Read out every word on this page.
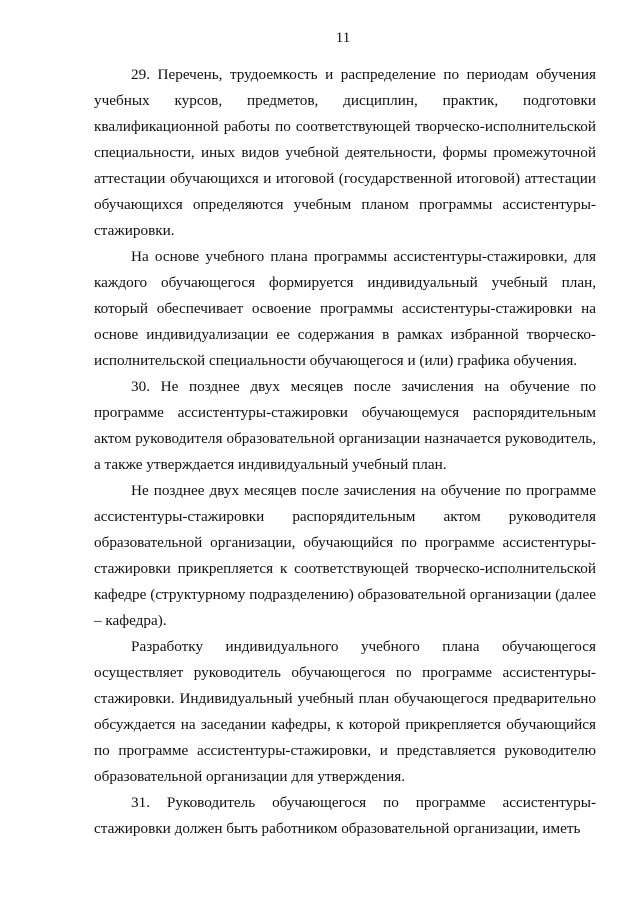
11

29. Перечень, трудоемкость и распределение по периодам обучения учебных курсов, предметов, дисциплин, практик, подготовки квалификационной работы по соответствующей творческо-исполнительской специальности, иных видов учебной деятельности, формы промежуточной аттестации обучающихся и итоговой (государственной итоговой) аттестации обучающихся определяются учебным планом программы ассистентуры-стажировки.

На основе учебного плана программы ассистентуры-стажировки, для каждого обучающегося формируется индивидуальный учебный план, который обеспечивает освоение программы ассистентуры-стажировки на основе индивидуализации ее содержания в рамках избранной творческо-исполнительской специальности обучающегося и (или) графика обучения.

30. Не позднее двух месяцев после зачисления на обучение по программе ассистентуры-стажировки обучающемуся распорядительным актом руководителя образовательной организации назначается руководитель, а также утверждается индивидуальный учебный план.

Не позднее двух месяцев после зачисления на обучение по программе ассистентуры-стажировки распорядительным актом руководителя образовательной организации, обучающийся по программе ассистентуры-стажировки прикрепляется к соответствующей творческо-исполнительской кафедре (структурному подразделению) образовательной организации (далее – кафедра).

Разработку индивидуального учебного плана обучающегося осуществляет руководитель обучающегося по программе ассистентуры-стажировки. Индивидуальный учебный план обучающегося предварительно обсуждается на заседании кафедры, к которой прикрепляется обучающийся по программе ассистентуры-стажировки, и представляется руководителю образовательной организации для утверждения.

31. Руководитель обучающегося по программе ассистентуры-стажировки должен быть работником образовательной организации, иметь
